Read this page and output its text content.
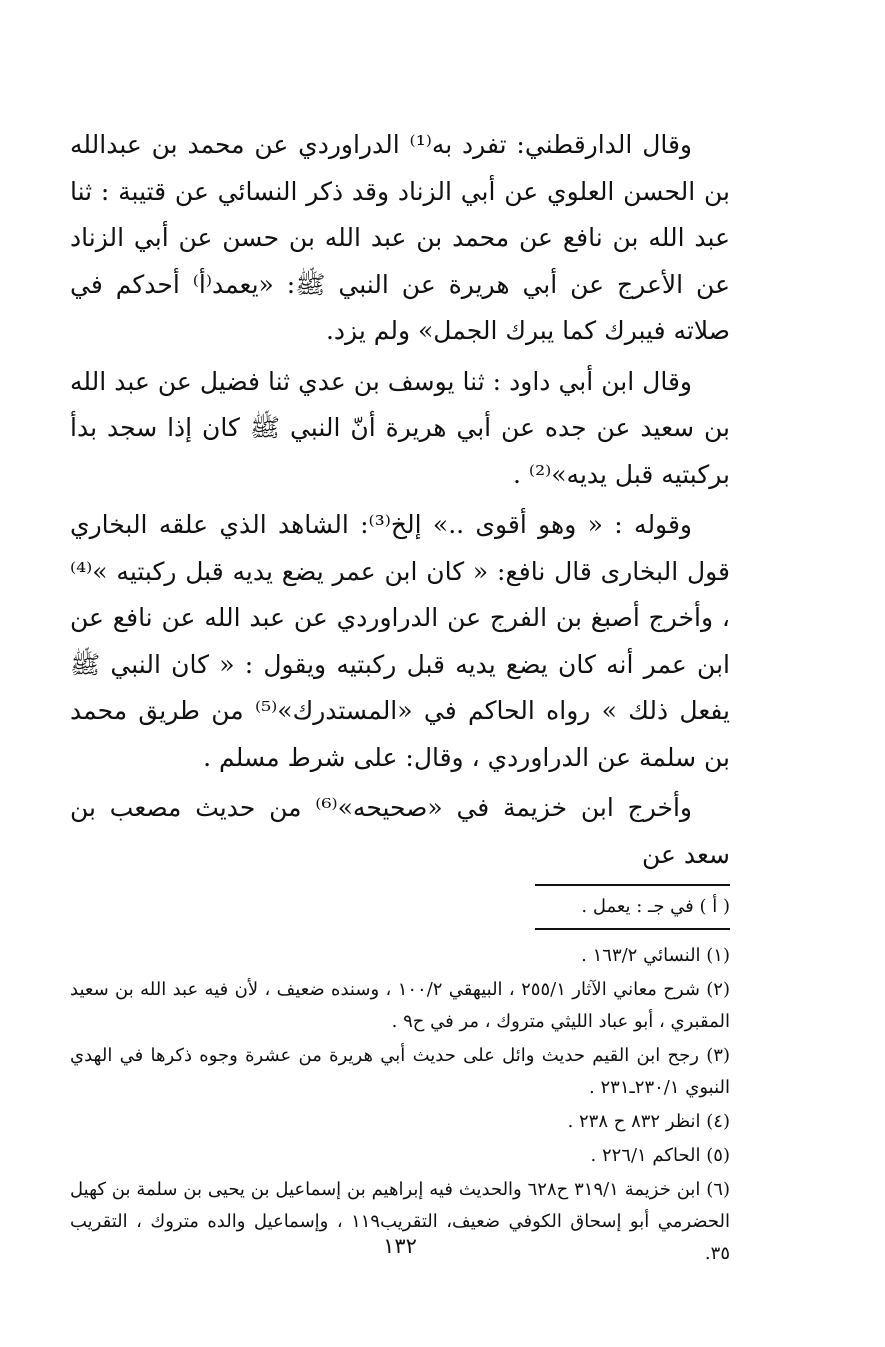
وقال الدارقطني: تفرد به⁽¹⁾ الدراوردي عن محمد بن عبدالله بن الحسن العلوي عن أبي الزناد وقد ذكر النسائي عن قتيبة : ثنا عبد الله بن نافع عن محمد بن عبد الله بن حسن عن أبي الزناد عن الأعرج عن أبي هريرة عن النبي ﷺ: «يعمد⁽أ⁾ أحدكم في صلاته فيبرك كما يبرك الجمل» ولم يزد.

وقال ابن أبي داود : ثنا يوسف بن عدي ثنا فضيل عن عبد الله بن سعيد عن جده عن أبي هريرة أنّ النبي ﷺ كان إذا سجد بدأ بركبتيه قبل يديه»⁽²⁾ .

وقوله : « وهو أقوى ..» إلخ⁽³⁾: الشاهد الذي علقه البخاري قول البخارى قال نافع: « كان ابن عمر يضع يديه قبل ركبتيه »⁽⁴⁾ ، وأخرج أصبغ بن الفرج عن الدراوردي عن عبد الله عن نافع عن ابن عمر أنه كان يضع يديه قبل ركبتيه ويقول : « كان النبي ﷺ يفعل ذلك » رواه الحاكم في «المستدرك»⁽⁵⁾ من طريق محمد بن سلمة عن الدراوردي ، وقال: على شرط مسلم .

وأخرج ابن خزيمة في «صحيحه»⁽⁶⁾ من حديث مصعب بن سعد عن

( أ ) في جـ : يعمل .

(١) النسائي ١٦٣/٢ .

(٢) شرح معاني الآثار ٢٥٥/١ ، البيهقي ١٠٠/٢ ، وسنده ضعيف ، لأن فيه عبد الله بن سعيد المقبري ، أبو عباد الليثي متروك ، مر في ح٩ .

(٣) رجح ابن القيم حديث وائل على حديث أبي هريرة من عشرة وجوه ذكرها في الهدي النبوي ٢٣٠/١ـ٢٣١ .

(٤) انظر ٨٣٢ ح ٢٣٨ .

(٥) الحاكم ٢٢٦/١ .

(٦) ابن خزيمة ٣١٩/١ ح٦٢٨ والحديث فيه إبراهيم بن إسماعيل بن يحيى بن سلمة بن كهيل الحضرمي أبو إسحاق الكوفي ضعيف، التقريب١١٩ ، وإسماعيل والده متروك ، التقريب ٣٥.

١٣٢
